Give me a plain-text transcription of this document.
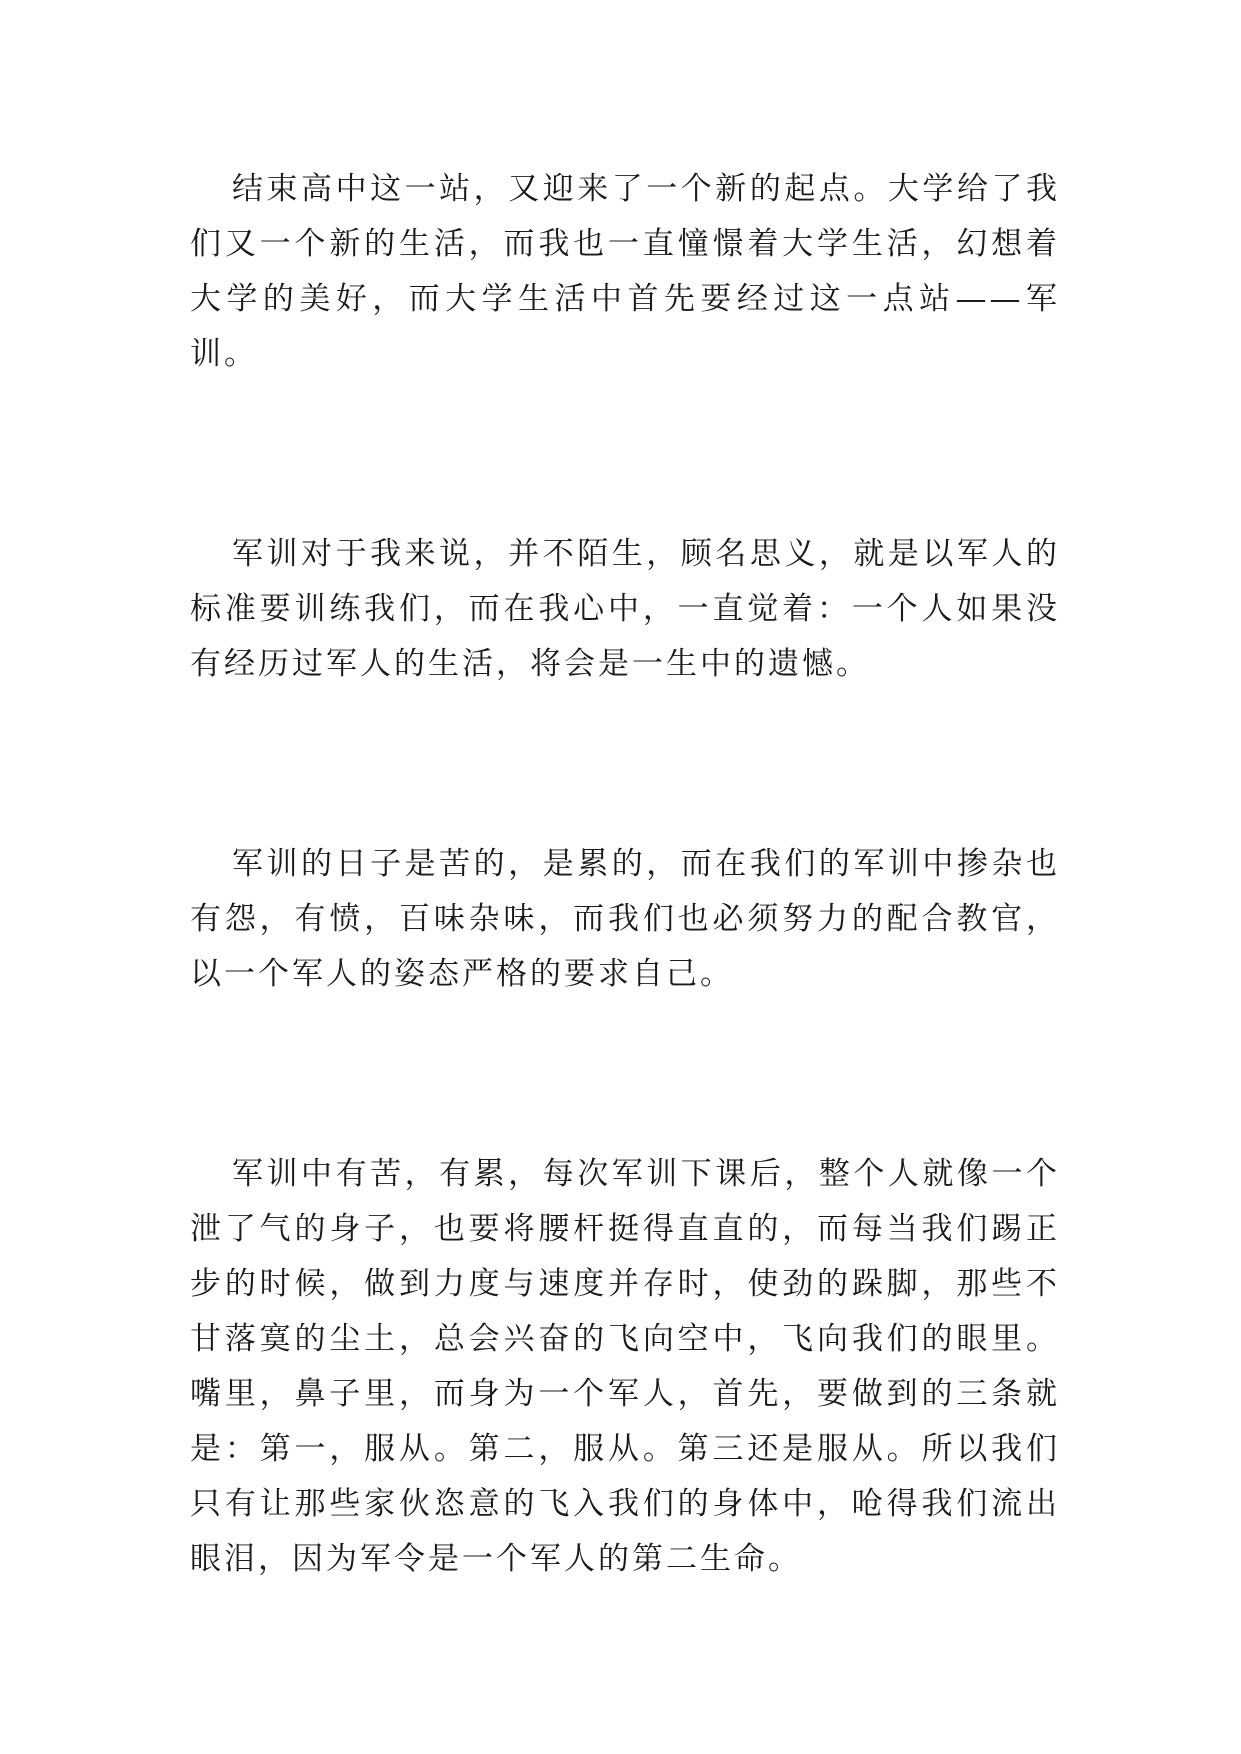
结束高中这一站，又迎来了一个新的起点。大学给了我们又一个新的生活，而我也一直憧憬着大学生活，幻想着大学的美好，而大学生活中首先要经过这一点站——军训。

军训对于我来说，并不陌生，顾名思义，就是以军人的标准要训练我们，而在我心中，一直觉着：一个人如果没有经历过军人的生活，将会是一生中的遗憾。

军训的日子是苦的，是累的，而在我们的军训中掺杂也有怨，有愤，百味杂味，而我们也必须努力的配合教官，以一个军人的姿态严格的要求自己。

军训中有苦，有累，每次军训下课后，整个人就像一个泄了气的身子，也要将腰杆挺得直直的，而每当我们踢正步的时候，做到力度与速度并存时，使劲的跺脚，那些不甘落寞的尘土，总会兴奋的飞向空中，飞向我们的眼里。嘴里，鼻子里，而身为一个军人，首先，要做到的三条就是：第一，服从。第二，服从。第三还是服从。所以我们只有让那些家伙恣意的飞入我们的身体中，呛得我们流出眼泪，因为军令是一个军人的第二生命。
